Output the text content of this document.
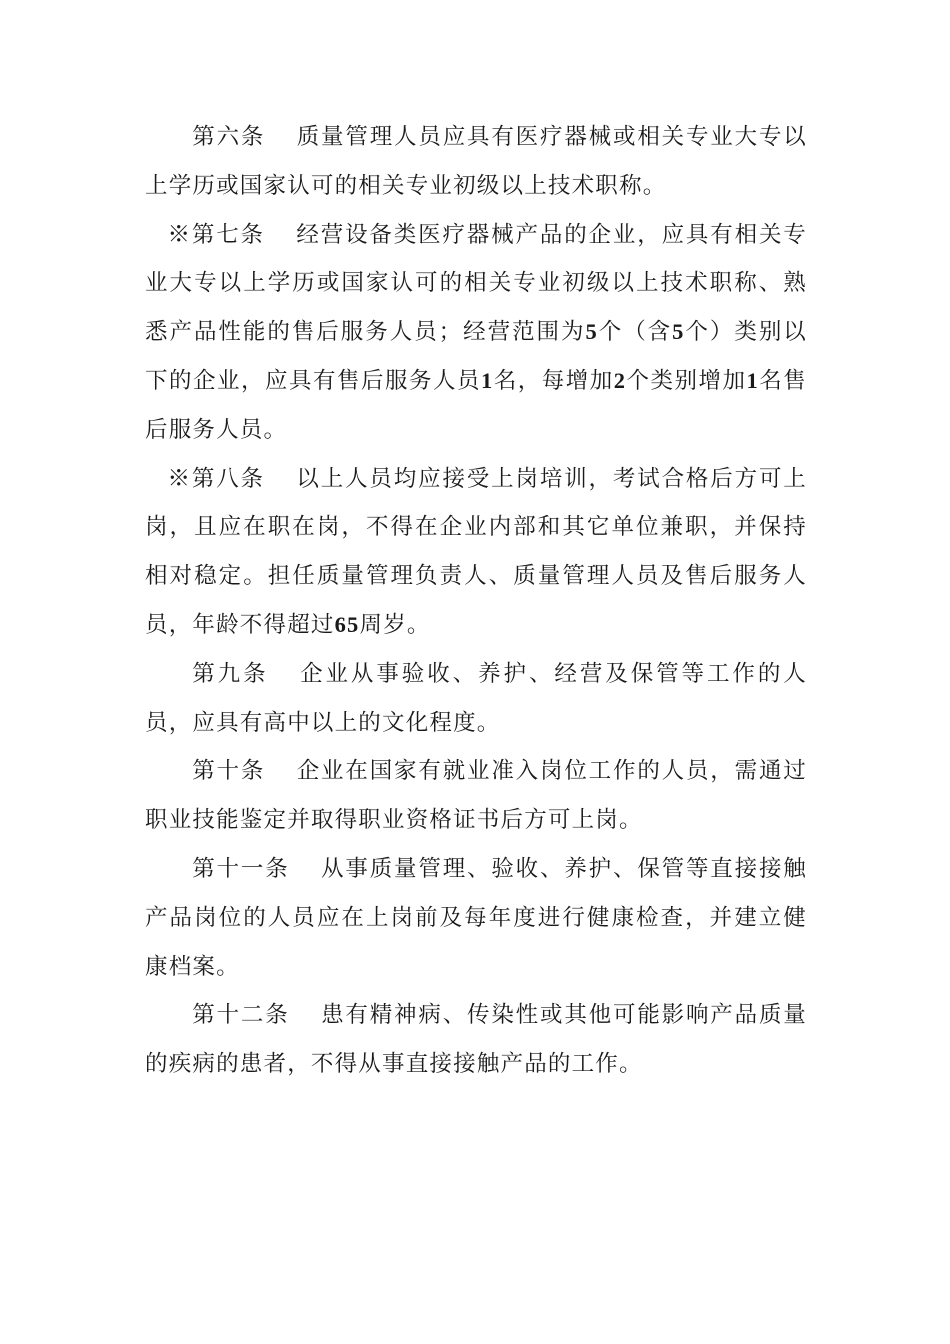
第六条 质量管理人员应具有医疗器械或相关专业大专以上学历或国家认可的相关专业初级以上技术职称。

※第七条 经营设备类医疗器械产品的企业，应具有相关专业大专以上学历或国家认可的相关专业初级以上技术职称、熟悉产品性能的售后服务人员；经营范围为5个（含5个）类别以下的企业，应具有售后服务人员1名，每增加2个类别增加1名售后服务人员。

※第八条 以上人员均应接受上岗培训，考试合格后方可上岗，且应在职在岗，不得在企业内部和其它单位兼职，并保持相对稳定。担任质量管理负责人、质量管理人员及售后服务人员，年龄不得超过65周岁。

第九条 企业从事验收、养护、经营及保管等工作的人员，应具有高中以上的文化程度。

第十条 企业在国家有就业准入岗位工作的人员，需通过职业技能鉴定并取得职业资格证书后方可上岗。

第十一条 从事质量管理、验收、养护、保管等直接接触产品岗位的人员应在上岗前及每年度进行健康检查，并建立健康档案。

第十二条 患有精神病、传染性或其他可能影响产品质量的疾病的患者，不得从事直接接触产品的工作。
